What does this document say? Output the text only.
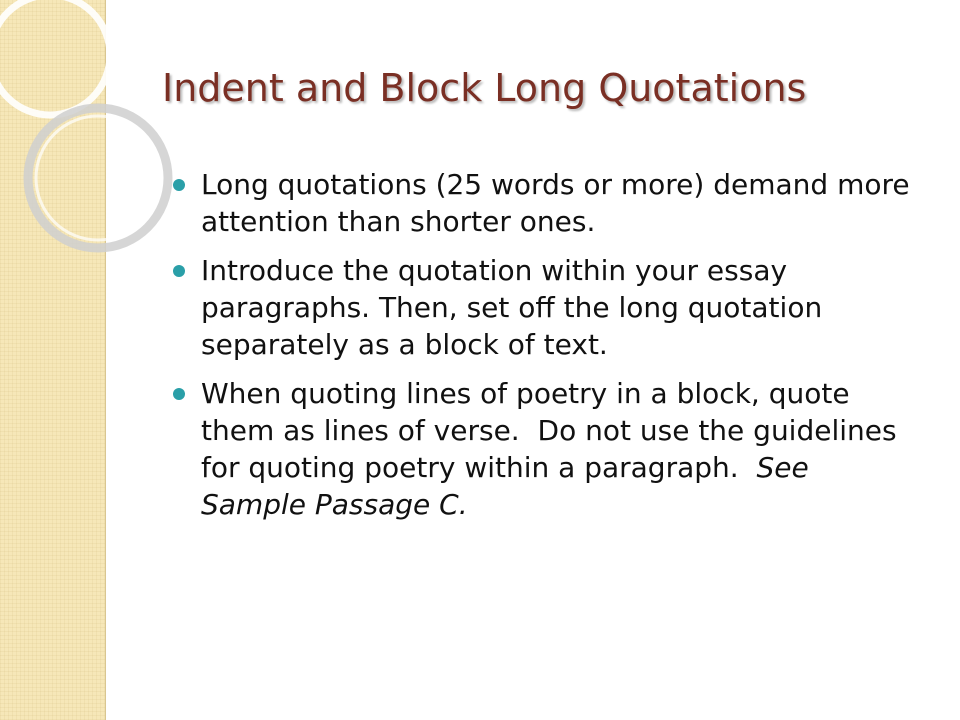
Indent and Block Long Quotations
Long quotations (25 words or more) demand more attention than shorter ones.
Introduce the quotation within your essay paragraphs. Then, set off the long quotation separately as a block of text.
When quoting lines of poetry in a block, quote them as lines of verse.  Do not use the guidelines for quoting poetry within a paragraph.  See Sample Passage C.
